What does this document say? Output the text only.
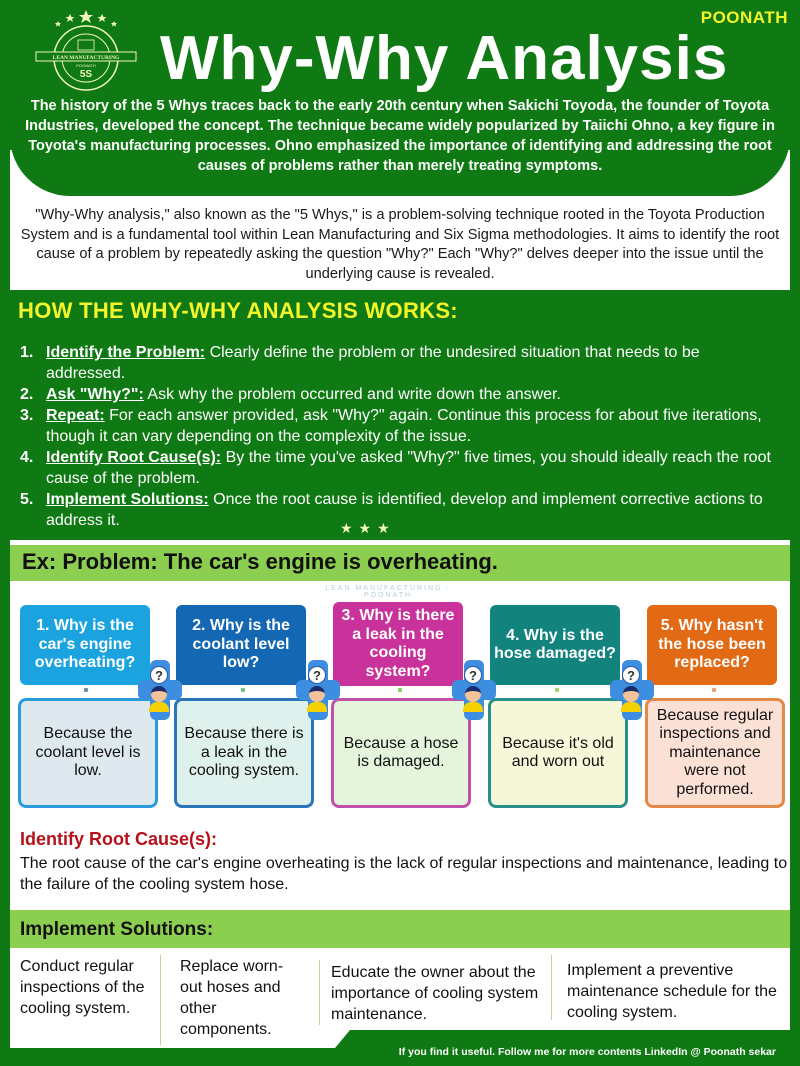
LEAN MANUFACTURING
POONATH
5S
POONATH
Why-Why Analysis

The history of the 5 Whys traces back to the early 20th century when Sakichi Toyoda, the founder of Toyota Industries, developed the concept. The technique became widely popularized by Taiichi Ohno, a key figure in Toyota's manufacturing processes. Ohno emphasized the importance of identifying and addressing the root causes of problems rather than merely treating symptoms.

"Why-Why analysis," also known as the "5 Whys," is a problem-solving technique rooted in the Toyota Production System and is a fundamental tool within Lean Manufacturing and Six Sigma methodologies. It aims to identify the root cause of a problem by repeatedly asking the question "Why?" Each "Why?" delves deeper into the issue until the underlying cause is revealed.

HOW THE WHY-WHY ANALYSIS WORKS:
1. Identify the Problem: Clearly define the problem or the undesired situation that needs to be addressed.
2. Ask "Why?": Ask why the problem occurred and write down the answer.
3. Repeat: For each answer provided, ask "Why?" again. Continue this process for about five iterations, though it can vary depending on the complexity of the issue.
4. Identify Root Cause(s): By the time you've asked "Why?" five times, you should ideally reach the root cause of the problem.
5. Implement Solutions: Once the root cause is identified, develop and implement corrective actions to address it.	★★★
Ex: Problem: The car's engine is overheating.
LEAN MANUFACTURING · POONATH
1. Why is the car's engine overheating?
2. Why is the coolant level low?
3. Why is there a leak in the cooling system?
4. Why is the hose damaged?
5. Why hasn't the hose been replaced?
Because the coolant level is low.
Because there is a leak in the cooling system.
Because a hose is damaged.
Because it's old and worn out
Because regular inspections and maintenance were not performed.
?	?	?	?
Identify Root Cause(s):

The root cause of the car's engine overheating is the lack of regular inspections and maintenance, leading to the failure of the cooling system hose.

Implement Solutions:

Conduct regular inspections of the cooling system.

Replace worn-out hoses and other components.

Educate the owner about the importance of cooling system maintenance.

Implement a preventive maintenance schedule for the cooling system.

If you find it useful. Follow me for more contents LinkedIn @ Poonath sekar
